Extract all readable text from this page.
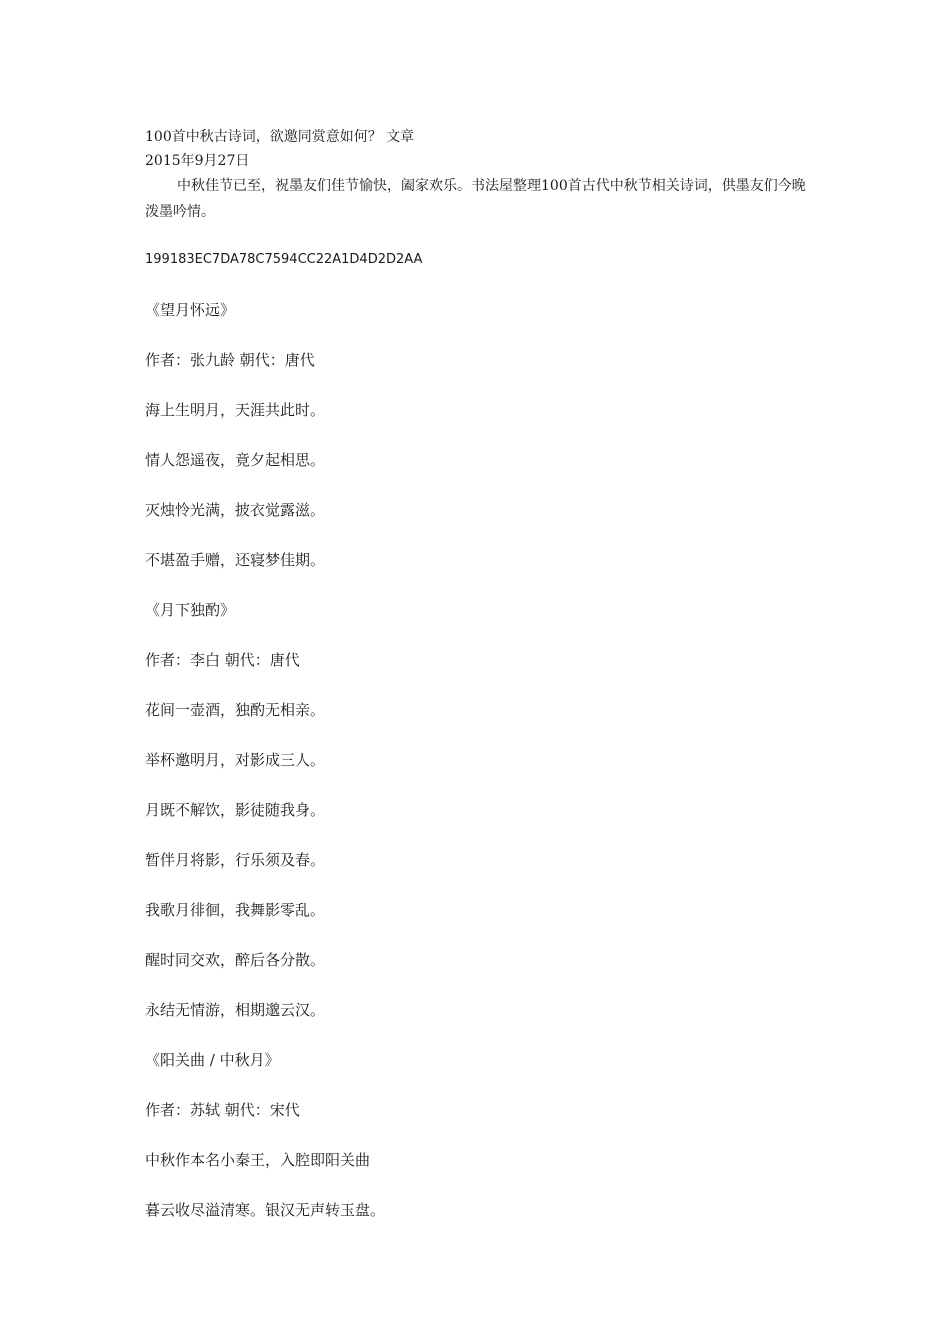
100首中秋古诗词，欲邀同赏意如何？ 文章
2015年9月27日
中秋佳节已至，祝墨友们佳节愉快，阖家欢乐。书法屋整理100首古代中秋节相关诗词，供墨友们今晚泼墨吟情。
199183EC7DA78C7594CC22A1D4D2D2AA
《望月怀远》
作者：张九龄 朝代：唐代
海上生明月，天涯共此时。
情人怨遥夜，竟夕起相思。
灭烛怜光满，披衣觉露滋。
不堪盈手赠，还寝梦佳期。
《月下独酌》
作者：李白 朝代：唐代
花间一壶酒，独酌无相亲。
举杯邀明月，对影成三人。
月既不解饮，影徒随我身。
暂伴月将影，行乐须及春。
我歌月徘徊，我舞影零乱。
醒时同交欢，醉后各分散。
永结无情游，相期邈云汉。
《阳关曲 / 中秋月》
作者：苏轼 朝代：宋代
中秋作本名小秦王，入腔即阳关曲
暮云收尽溢清寒。银汉无声转玉盘。
